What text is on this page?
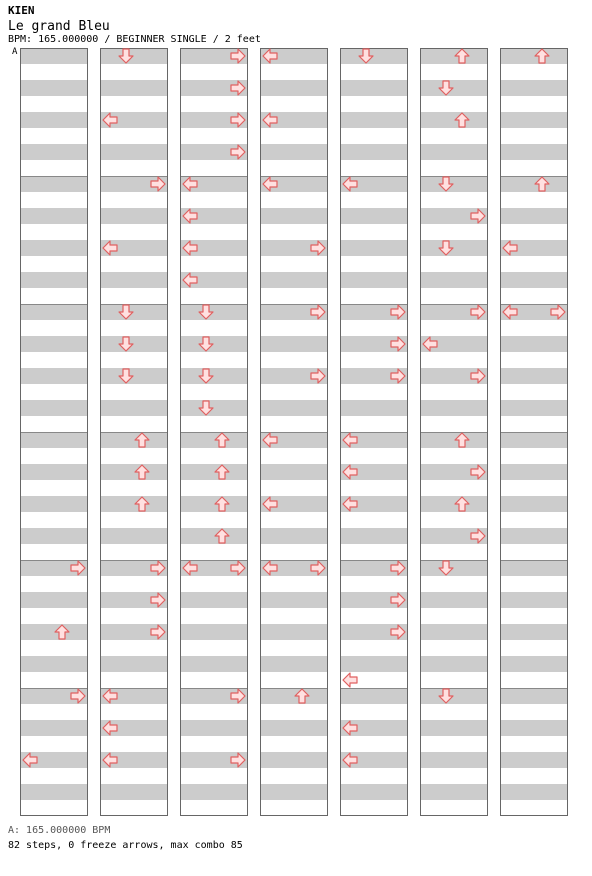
KIEN
Le grand Bleu
BPM: 165.000000 / BEGINNER SINGLE / 2 feet
A
A: 165.000000 BPM
82 steps, 0 freeze arrows, max combo 85
